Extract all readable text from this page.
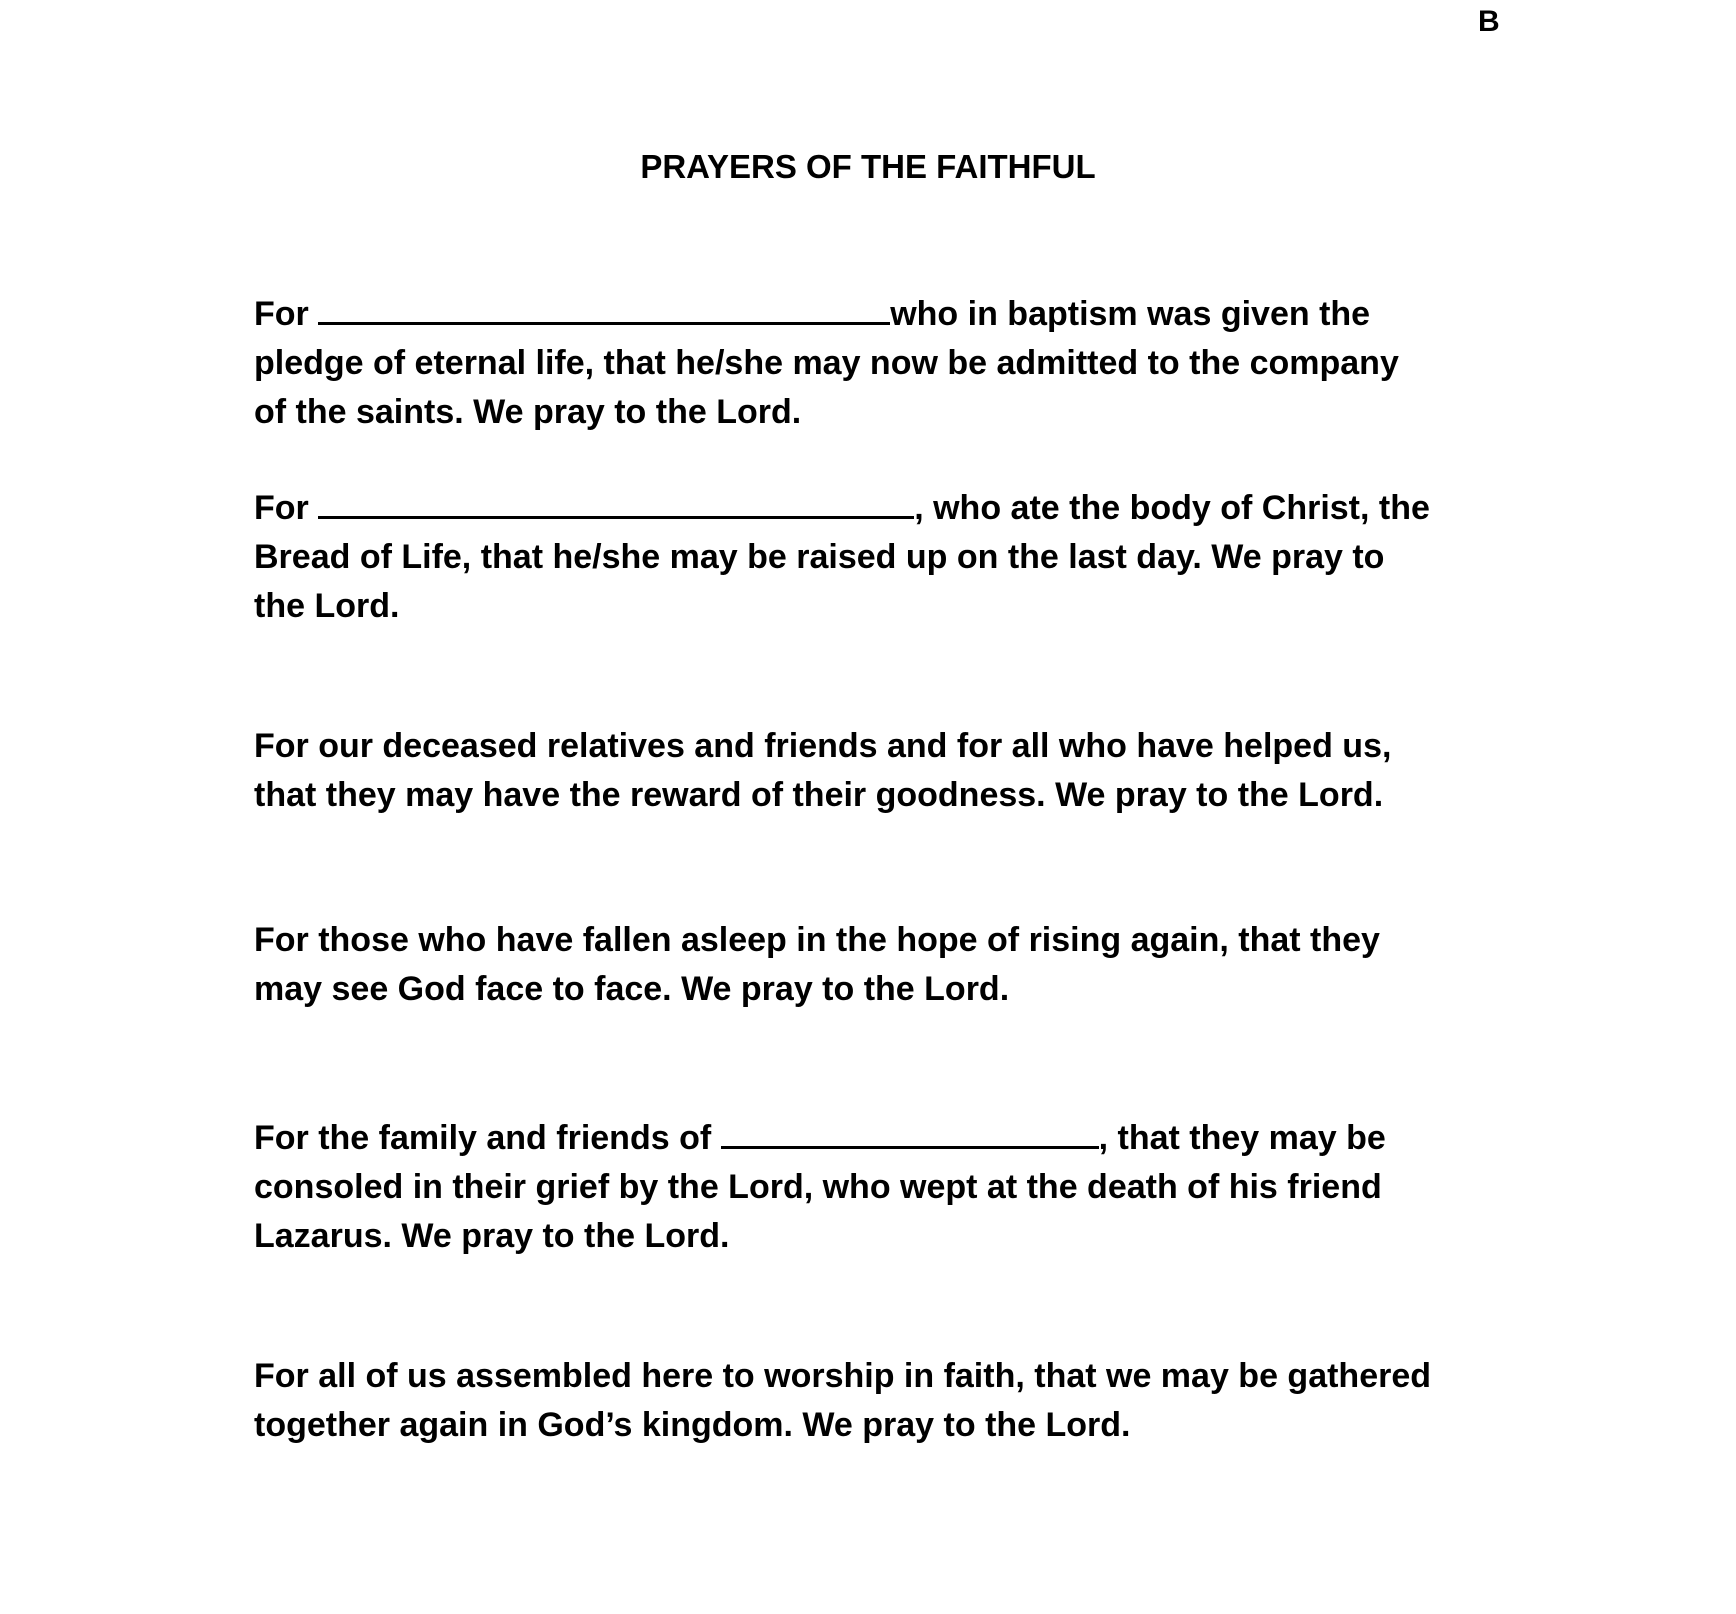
B
PRAYERS OF THE FAITHFUL

For	who in baptism was given the
pledge of eternal life, that he/she may now be admitted to the company
of the saints. We pray to the Lord.

For	, who ate the body of Christ, the
Bread of Life, that he/she may be raised up on the last day. We pray to
the Lord.

For our deceased relatives and friends and for all who have helped us,
that they may have the reward of their goodness. We pray to the Lord.

For those who have fallen asleep in the hope of rising again, that they
may see God face to face. We pray to the Lord.

For the family and friends of	, that they may be
consoled in their grief by the Lord, who wept at the death of his friend
Lazarus. We pray to the Lord.

For all of us assembled here to worship in faith, that we may be gathered
together again in God’s kingdom. We pray to the Lord.
